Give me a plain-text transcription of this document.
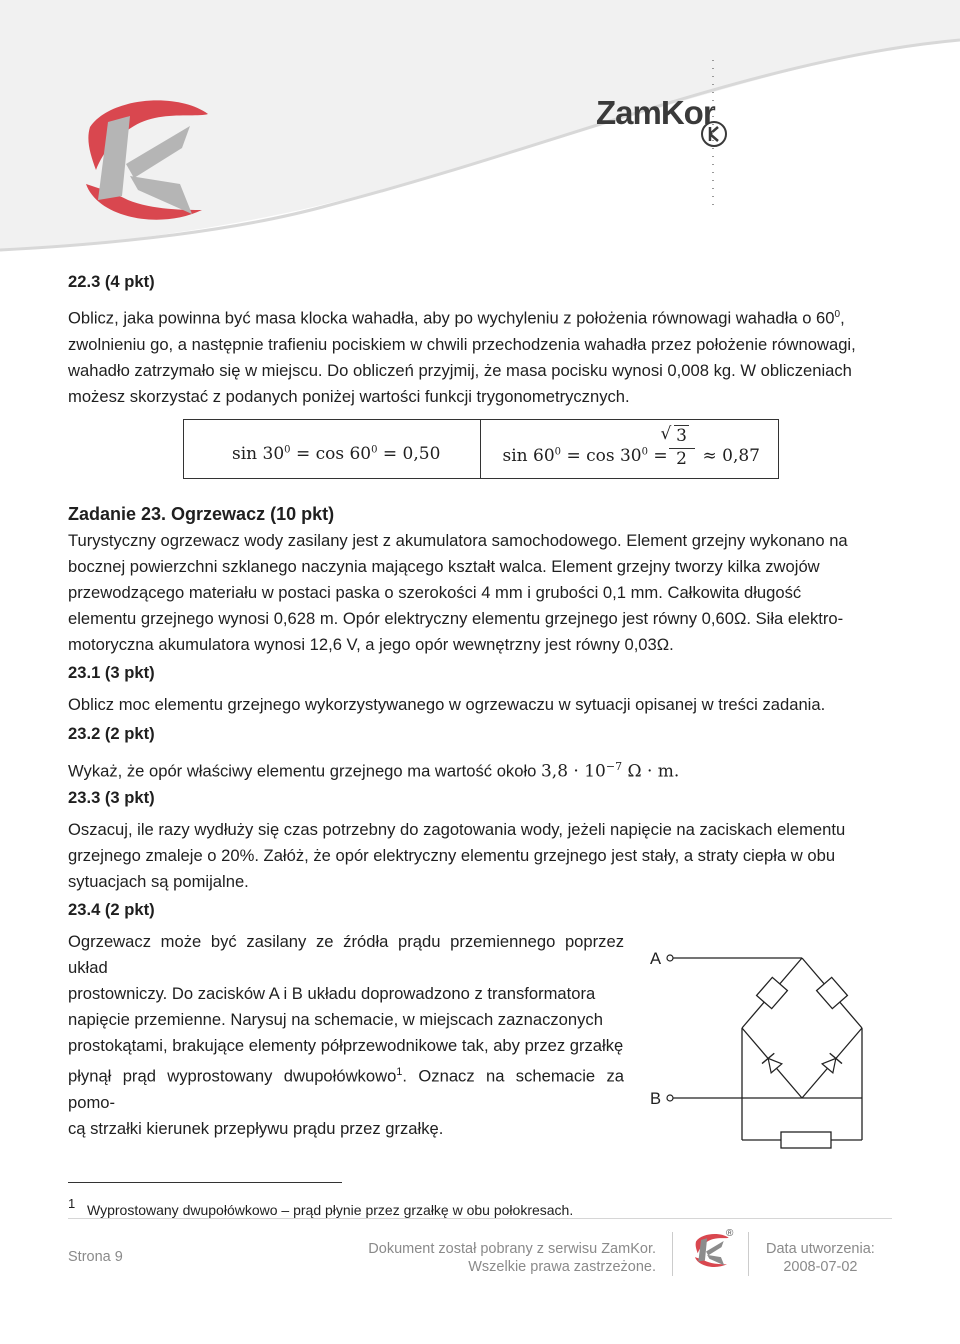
ZamKor
22.3 (4 pkt)
Oblicz, jaka powinna być masa klocka wahadła, aby po wychyleniu z położenia równowagi wahadła o $60^0$,
zwolnieniu go, a następnie trafieniu pociskiem w chwili przechodzenia wahadła przez położenie równowagi,
wahadło zatrzymało się w miejscu. Do obliczeń przyjmij, że masa pocisku wynosi 0,008 kg. W obliczeniach
możesz skorzystać z podanych poniżej wartości funkcji trygonometrycznych.
$\sin 30^0 = \cos 60^0 = 0,50$	$\sin 60^0 = \cos 30^0$ =
√ 3
2 ≈ 0,87
Zadanie 23. Ogrzewacz (10 pkt)
Turystyczny ogrzewacz wody zasilany jest z akumulatora samochodowego. Element grzejny wykonano na
bocznej powierzchni szklanego naczynia mającego kształt walca. Element grzejny tworzy kilka zwojów
przewodzącego materiału w postaci paska o szerokości 4 mm i grubości 0,1 mm. Całkowita długość
elementu grzejnego wynosi 0,628 m. Opór elektryczny elementu grzejnego jest równy 0,60Ω. Siła elektro-
motoryczna akumulatora wynosi 12,6 V, a jego opór wewnętrzny jest równy 0,03Ω.
23.1 (3 pkt)
Oblicz moc elementu grzejnego wykorzystywanego w ogrzewaczu w sytuacji opisanej w treści zadania.
23.2 (2 pkt)
Wykaż, że opór właściwy elementu grzejnego ma wartość około $3,8 \cdot 10^{-7}$ Ω · m.
23.3 (3 pkt)
Oszacuj, ile razy wydłuży się czas potrzebny do zagotowania wody, jeżeli napięcie na zaciskach elementu
grzejnego zmaleje o 20%. Załóż, że opór elektryczny elementu grzejnego jest stały, a straty ciepła w obu
sytuacjach są pomijalne.
23.4 (2 pkt)
Ogrzewacz może być zasilany ze źródła prądu przemiennego poprzez układ
prostowniczy. Do zacisków A i B układu doprowadzono z transformatora
napięcie przemienne. Narysuj na schemacie, w miejscach zaznaczonych
prostokątami, brakujące elementy półprzewodnikowe tak, aby przez grzałkę
płynął prąd wyprostowany dwupołówkowo$^1$. Oznacz na schemacie za pomo-
cą strzałki kierunek przepływu prądu przez grzałkę.
A
B
1 Wyprostowany dwupołówkowo – prąd płynie przez grzałkę w obu połokresach.
Strona 9	Dokument został pobrany z serwisu ZamKor.
Wszelkie prawa zastrzeżone.
®
Data utworzenia:
2008-07-02
